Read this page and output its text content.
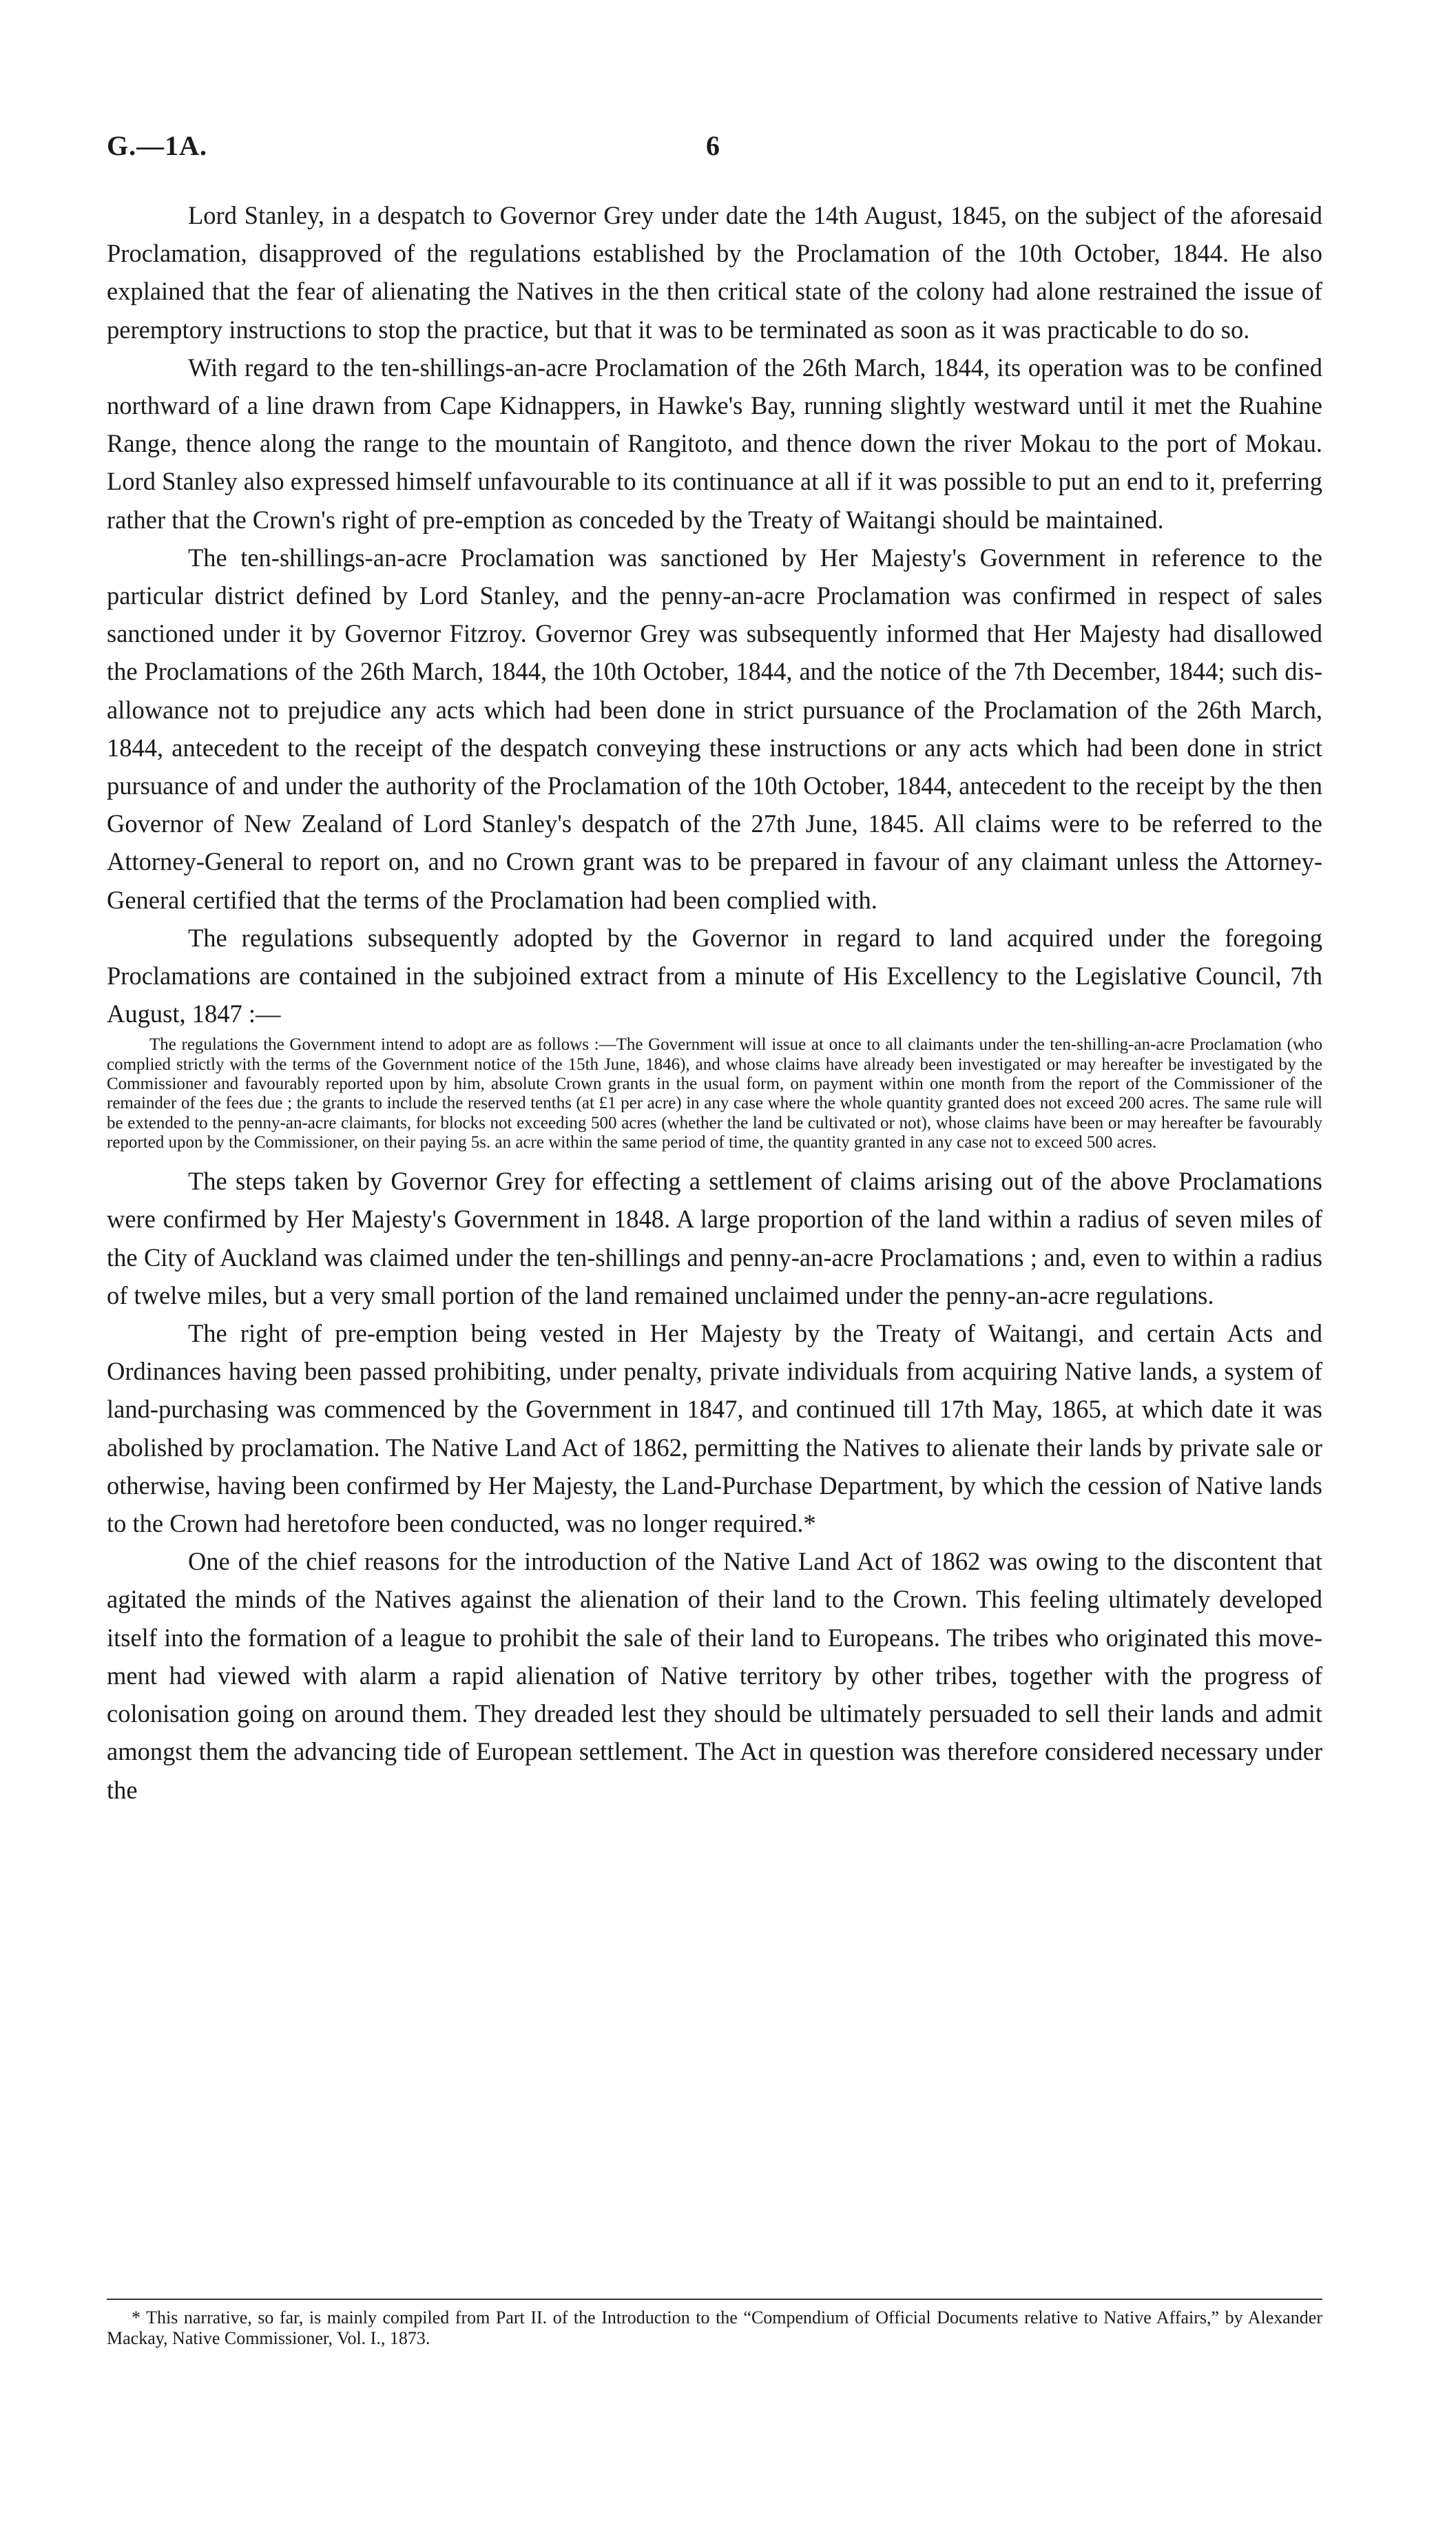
G.—1A.	6

Lord Stanley, in a despatch to Governor Grey under date the 14th August, 1845, on the subject of the aforesaid Proclamation, disapproved of the regulations established by the Proclamation of the 10th October, 1844. He also explained that the fear of alienating the Natives in the then critical state of the colony had alone restrained the issue of peremptory instructions to stop the practice, but that it was to be terminated as soon as it was practicable to do so.

With regard to the ten-shillings-an-acre Proclamation of the 26th March, 1844, its operation was to be confined northward of a line drawn from Cape Kidnappers, in Hawke's Bay, running slightly westward until it met the Ruahine Range, thence along the range to the mountain of Rangitoto, and thence down the river Mokau to the port of Mokau. Lord Stanley also expressed himself unfavourable to its continuance at all if it was possible to put an end to it, preferring rather that the Crown's right of pre-emption as conceded by the Treaty of Waitangi should be maintained.

The ten-shillings-an-acre Proclamation was sanctioned by Her Majesty's Government in reference to the particular district defined by Lord Stanley, and the penny-an-acre Proclamation was confirmed in respect of sales sanctioned under it by Governor Fitzroy. Governor Grey was subsequently informed that Her Majesty had disallowed the Proclamations of the 26th March, 1844, the 10th October, 1844, and the notice of the 7th December, 1844; such disallowance not to prejudice any acts which had been done in strict pursuance of the Proclamation of the 26th March, 1844, antecedent to the receipt of the despatch conveying these instructions or any acts which had been done in strict pursuance of and under the authority of the Proclamation of the 10th October, 1844, antecedent to the receipt by the then Governor of New Zealand of Lord Stanley's despatch of the 27th June, 1845. All claims were to be referred to the Attorney-General to report on, and no Crown grant was to be prepared in favour of any claimant unless the Attorney-General certified that the terms of the Proclamation had been complied with.

The regulations subsequently adopted by the Governor in regard to land acquired under the foregoing Proclamations are contained in the subjoined extract from a minute of His Excellency to the Legislative Council, 7th August, 1847 :—

The regulations the Government intend to adopt are as follows :—The Government will issue at once to all claimants under the ten-shilling-an-acre Proclamation (who complied strictly with the terms of the Government notice of the 15th June, 1846), and whose claims have already been investigated or may hereafter be investigated by the Commissioner and favourably reported upon by him, absolute Crown grants in the usual form, on payment within one month from the report of the Commissioner of the remainder of the fees due ; the grants to include the reserved tenths (at £1 per acre) in any case where the whole quantity granted does not exceed 200 acres. The same rule will be extended to the penny-an-acre claimants, for blocks not exceeding 500 acres (whether the land be cultivated or not), whose claims have been or may hereafter be favourably reported upon by the Commissioner, on their paying 5s. an acre within the same period of time, the quantity granted in any case not to exceed 500 acres.

The steps taken by Governor Grey for effecting a settlement of claims arising out of the above Proclamations were confirmed by Her Majesty's Government in 1848. A large proportion of the land within a radius of seven miles of the City of Auckland was claimed under the ten-shillings and penny-an-acre Proclamations ; and, even to within a radius of twelve miles, but a very small portion of the land remained unclaimed under the penny-an-acre regulations.

The right of pre-emption being vested in Her Majesty by the Treaty of Waitangi, and certain Acts and Ordinances having been passed prohibiting, under penalty, private individuals from acquiring Native lands, a system of land-purchasing was commenced by the Government in 1847, and continued till 17th May, 1865, at which date it was abolished by proclamation. The Native Land Act of 1862, permitting the Natives to alienate their lands by private sale or otherwise, having been confirmed by Her Majesty, the Land-Purchase Department, by which the cession of Native lands to the Crown had heretofore been conducted, was no longer required.*

One of the chief reasons for the introduction of the Native Land Act of 1862 was owing to the discontent that agitated the minds of the Natives against the alienation of their land to the Crown. This feeling ultimately developed itself into the formation of a league to prohibit the sale of their land to Europeans. The tribes who originated this movement had viewed with alarm a rapid alienation of Native territory by other tribes, together with the progress of colonisation going on around them. They dreaded lest they should be ultimately persuaded to sell their lands and admit amongst them the advancing tide of European settlement. The Act in question was therefore considered necessary under the

* This narrative, so far, is mainly compiled from Part II. of the Introduction to the “Compendium of Official Documents relative to Native Affairs,” by Alexander Mackay, Native Commissioner, Vol. I., 1873.
